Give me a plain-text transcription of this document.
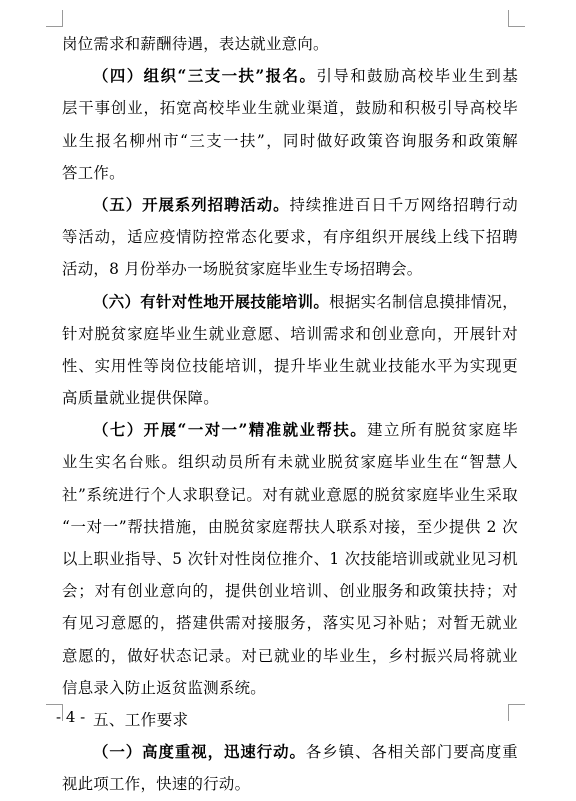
岗位需求和薪酬待遇，表达就业意向。
（四）组织“三支一扶”报名。引导和鼓励高校毕业生到基
层干事创业，拓宽高校毕业生就业渠道，鼓励和积极引导高校毕
业生报名柳州市“三支一扶”，同时做好政策咨询服务和政策解
答工作。
（五）开展系列招聘活动。持续推进百日千万网络招聘行动
等活动，适应疫情防控常态化要求，有序组织开展线上线下招聘
活动，8 月份举办一场脱贫家庭毕业生专场招聘会。
（六）有针对性地开展技能培训。根据实名制信息摸排情况，
针对脱贫家庭毕业生就业意愿、培训需求和创业意向，开展针对
性、实用性等岗位技能培训，提升毕业生就业技能水平为实现更
高质量就业提供保障。
（七）开展“一对一”精准就业帮扶。建立所有脱贫家庭毕
业生实名台账。组织动员所有未就业脱贫家庭毕业生在“智慧人
社”系统进行个人求职登记。对有就业意愿的脱贫家庭毕业生采取
“一对一”帮扶措施，由脱贫家庭帮扶人联系对接，至少提供 2 次
以上职业指导、5 次针对性岗位推介、1 次技能培训或就业见习机
会；对有创业意向的，提供创业培训、创业服务和政策扶持；对
有见习意愿的，搭建供需对接服务，落实见习补贴；对暂无就业
意愿的，做好状态记录。对已就业的毕业生，乡村振兴局将就业
信息录入防止返贫监测系统。
五、工作要求
（一）高度重视，迅速行动。各乡镇、各相关部门要高度重
视此项工作，快速的行动。
- 4 -
